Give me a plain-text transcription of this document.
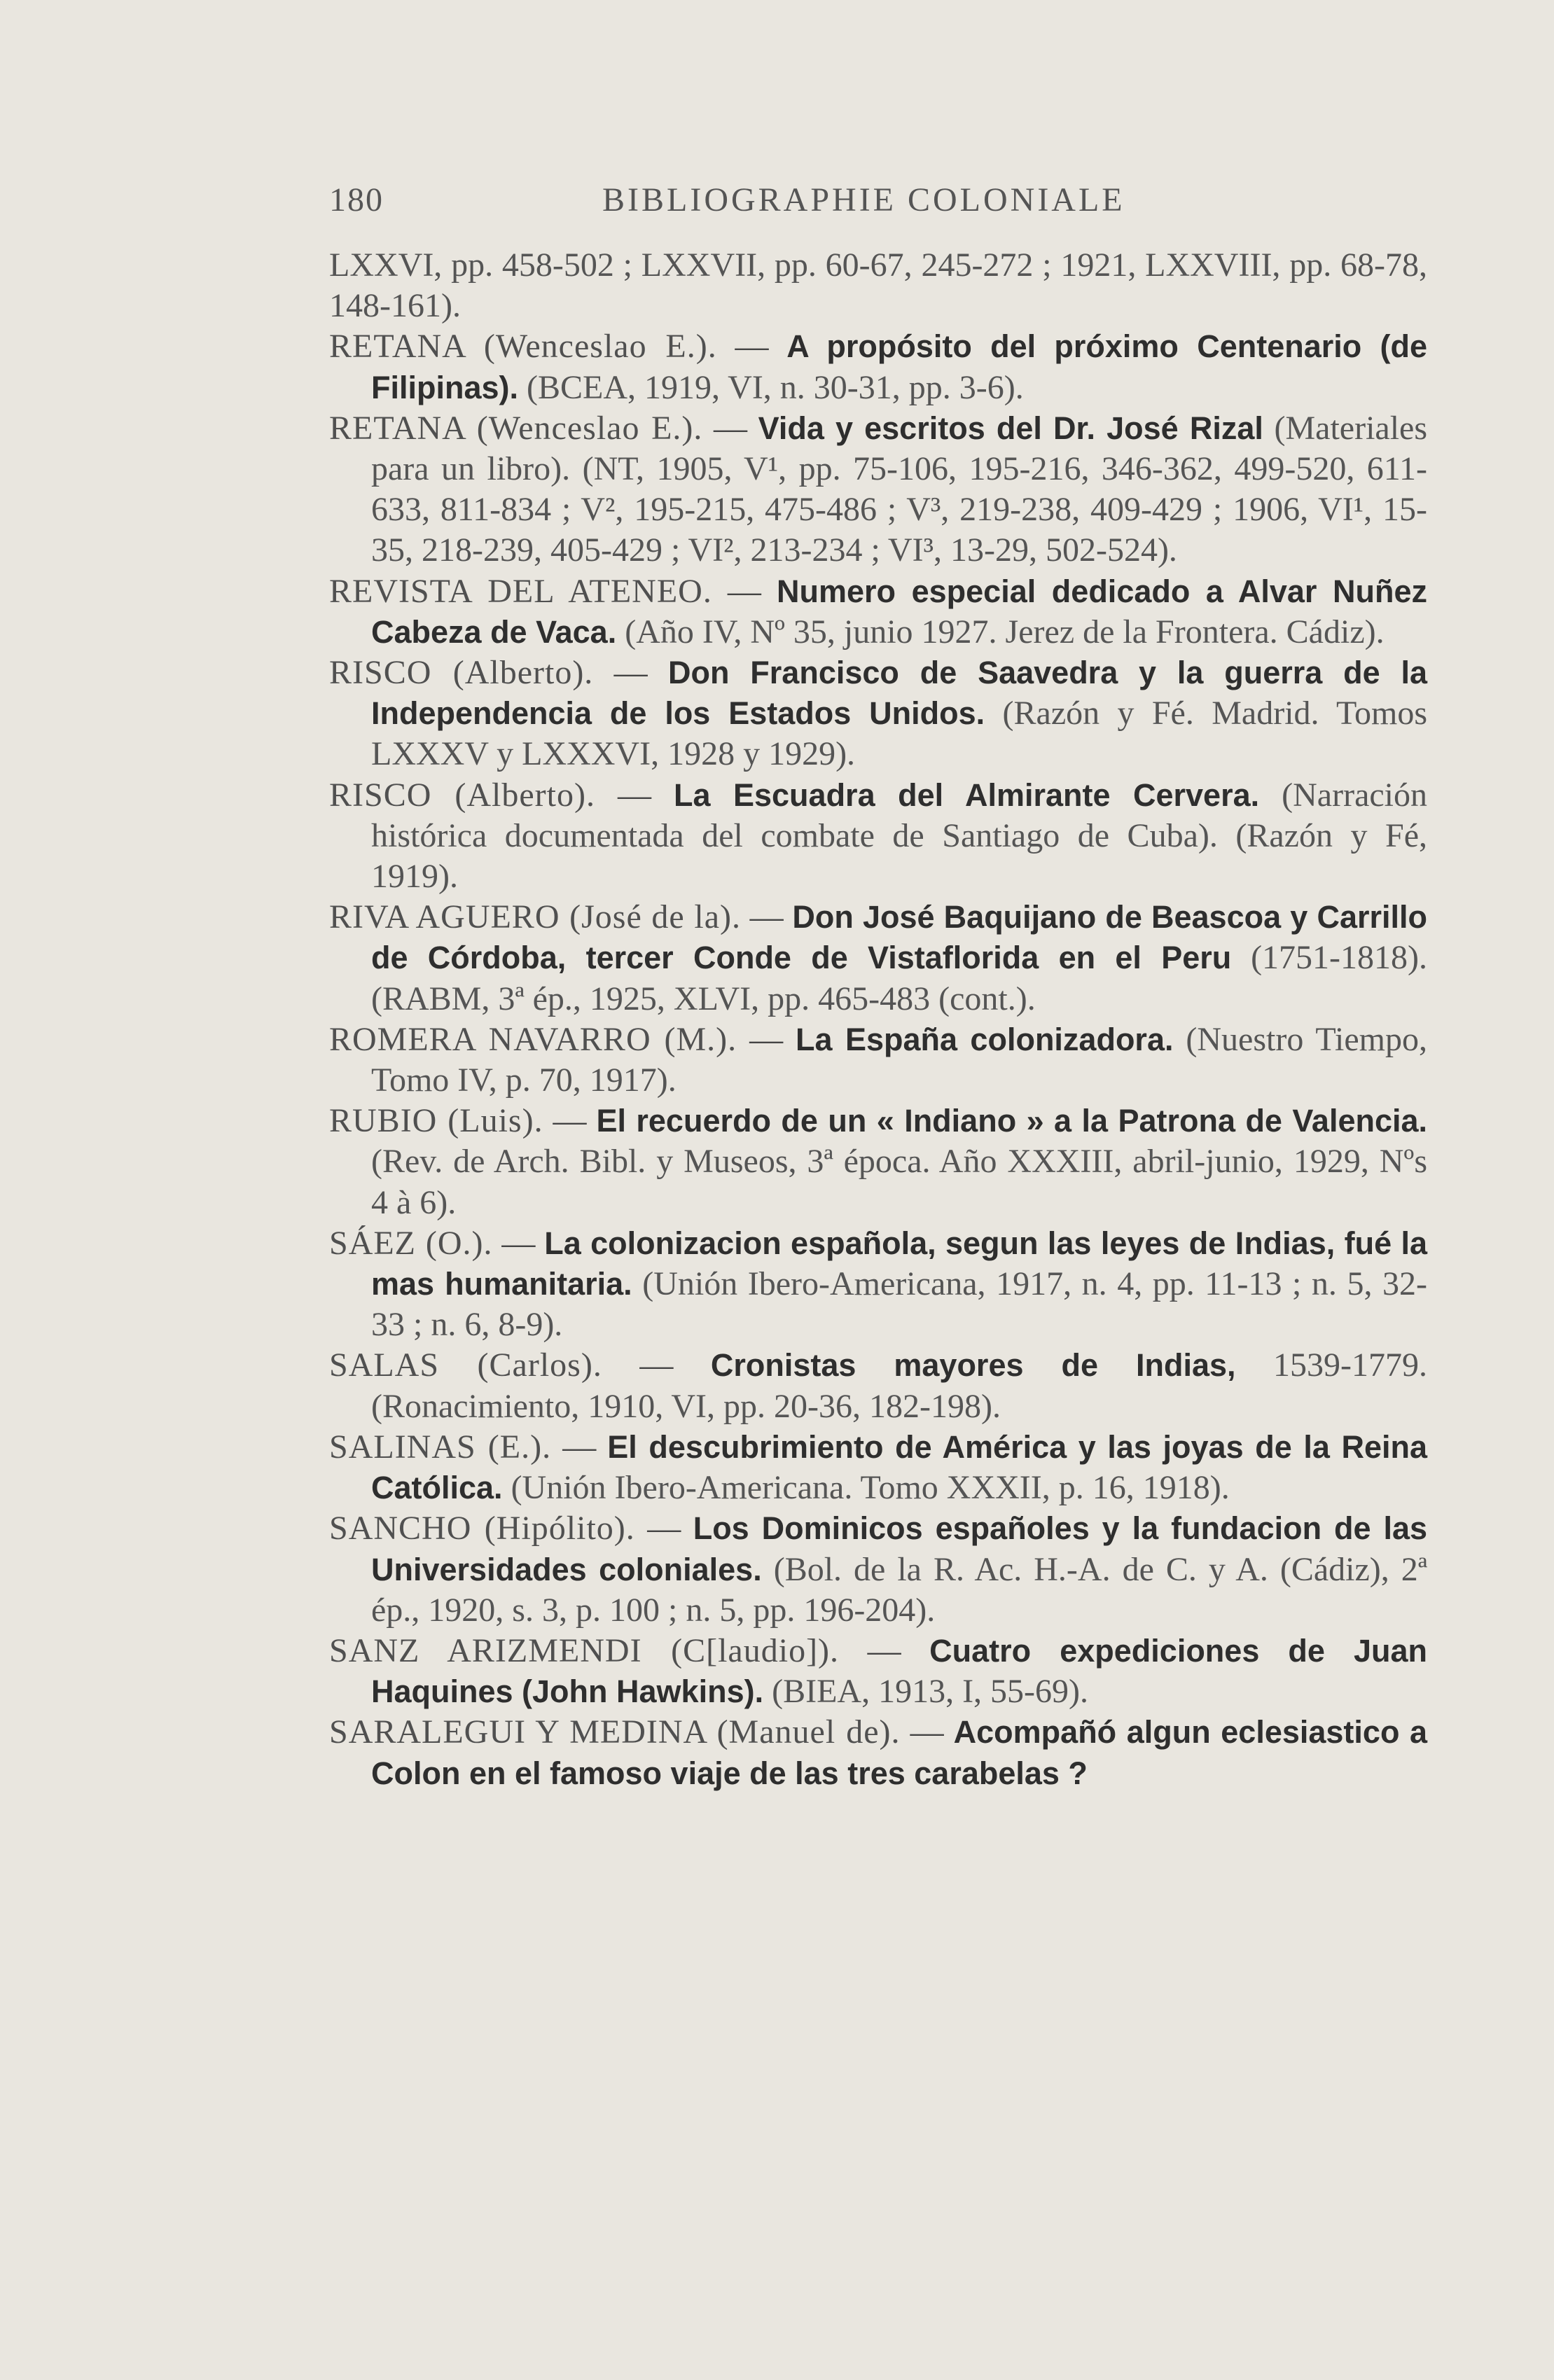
180	BIBLIOGRAPHIE COLONIALE

LXXVI, pp. 458-502 ; LXXVII, pp. 60-67, 245-272 ; 1921, LXXVIII, pp. 68-78, 148-161).

RETANA (Wenceslao E.). — A propósito del próximo Centenario (de Filipinas). (BCEA, 1919, VI, n. 30-31, pp. 3-6).

RETANA (Wenceslao E.). — Vida y escritos del Dr. José Rizal (Materiales para un libro). (NT, 1905, V¹, pp. 75-106, 195-216, 346-362, 499-520, 611-633, 811-834 ; V², 195-215, 475-486 ; V³, 219-238, 409-429 ; 1906, VI¹, 15-35, 218-239, 405-429 ; VI², 213-234 ; VI³, 13-29, 502-524).

REVISTA DEL ATENEO. — Numero especial dedicado a Alvar Nuñez Cabeza de Vaca. (Año IV, Nº 35, junio 1927. Jerez de la Frontera. Cádiz).

RISCO (Alberto). — Don Francisco de Saavedra y la guerra de la Independencia de los Estados Unidos. (Razón y Fé. Madrid. Tomos LXXXV y LXXXVI, 1928 y 1929).

RISCO (Alberto). — La Escuadra del Almirante Cervera. (Narración histórica documentada del combate de Santiago de Cuba). (Razón y Fé, 1919).

RIVA AGUERO (José de la). — Don José Baquijano de Beascoa y Carrillo de Córdoba, tercer Conde de Vistaflorida en el Peru (1751-1818). (RABM, 3ª ép., 1925, XLVI, pp. 465-483 (cont.).

ROMERA NAVARRO (M.). — La España colonizadora. (Nuestro Tiempo, Tomo IV, p. 70, 1917).

RUBIO (Luis). — El recuerdo de un « Indiano » a la Patrona de Valencia. (Rev. de Arch. Bibl. y Museos, 3ª época. Año XXXIII, abril-junio, 1929, Nºs 4 à 6).

SÁEZ (O.). — La colonizacion española, segun las leyes de Indias, fué la mas humanitaria. (Unión Ibero-Americana, 1917, n. 4, pp. 11-13 ; n. 5, 32-33 ; n. 6, 8-9).

SALAS (Carlos). — Cronistas mayores de Indias, 1539-1779. (Ronacimiento, 1910, VI, pp. 20-36, 182-198).

SALINAS (E.). — El descubrimiento de América y las joyas de la Reina Católica. (Unión Ibero-Americana. Tomo XXXII, p. 16, 1918).

SANCHO (Hipólito). — Los Dominicos españoles y la fundacion de las Universidades coloniales. (Bol. de la R. Ac. H.-A. de C. y A. (Cádiz), 2ª ép., 1920, s. 3, p. 100 ; n. 5, pp. 196-204).

SANZ ARIZMENDI (C[laudio]). — Cuatro expediciones de Juan Haquines (John Hawkins). (BIEA, 1913, I, 55-69).

SARALEGUI Y MEDINA (Manuel de). — Acompañó algun eclesiastico a Colon en el famoso viaje de las tres carabelas ?
